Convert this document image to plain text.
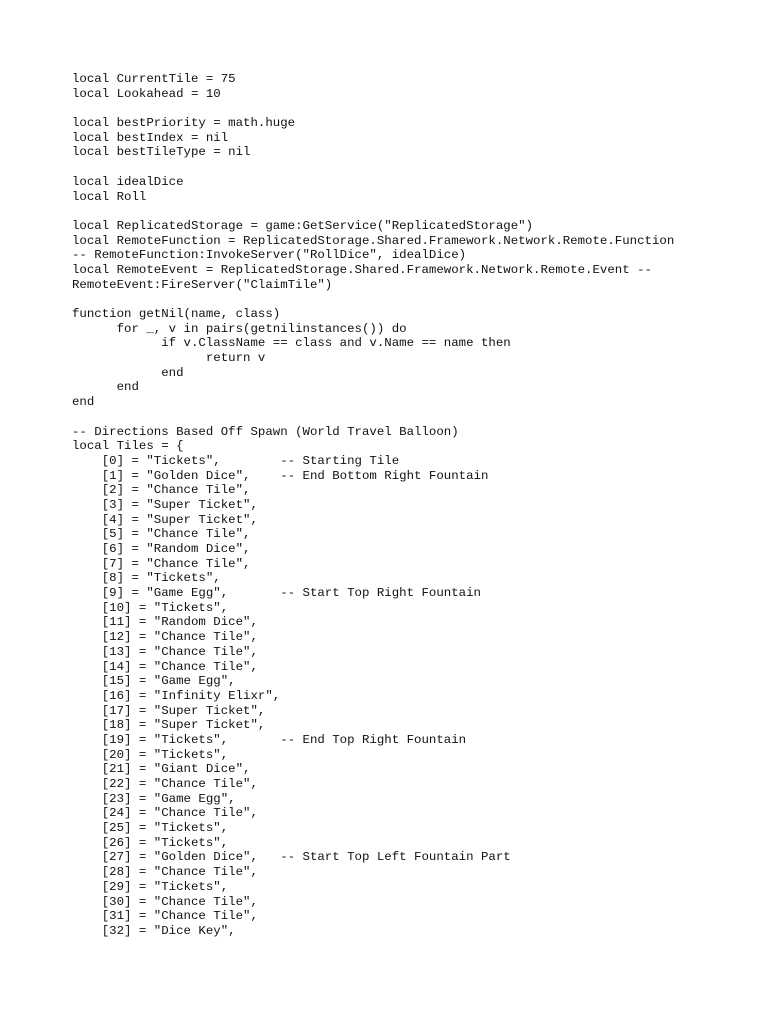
local CurrentTile = 75
local Lookahead = 10
local bestPriority = math.huge
local bestIndex = nil
local bestTileType = nil
local idealDice
local Roll
local ReplicatedStorage = game:GetService("ReplicatedStorage")
local RemoteFunction = ReplicatedStorage.Shared.Framework.Network.Remote.Function
-- RemoteFunction:InvokeServer("RollDice", idealDice)
local RemoteEvent = ReplicatedStorage.Shared.Framework.Network.Remote.Event --
RemoteEvent:FireServer("ClaimTile")
function getNil(name, class)
for _, v in pairs(getnilinstances()) do
if v.ClassName == class and v.Name == name then
return v
end
end
end
-- Directions Based Off Spawn (World Travel Balloon)
local Tiles = {
[0] = "Tickets",        -- Starting Tile
[1] = "Golden Dice",    -- End Bottom Right Fountain
[2] = "Chance Tile",
[3] = "Super Ticket",
[4] = "Super Ticket",
[5] = "Chance Tile",
[6] = "Random Dice",
[7] = "Chance Tile",
[8] = "Tickets",
[9] = "Game Egg",       -- Start Top Right Fountain
[10] = "Tickets",
[11] = "Random Dice",
[12] = "Chance Tile",
[13] = "Chance Tile",
[14] = "Chance Tile",
[15] = "Game Egg",
[16] = "Infinity Elixr",
[17] = "Super Ticket",
[18] = "Super Ticket",
[19] = "Tickets",       -- End Top Right Fountain
[20] = "Tickets",
[21] = "Giant Dice",
[22] = "Chance Tile",
[23] = "Game Egg",
[24] = "Chance Tile",
[25] = "Tickets",
[26] = "Tickets",
[27] = "Golden Dice",   -- Start Top Left Fountain Part
[28] = "Chance Tile",
[29] = "Tickets",
[30] = "Chance Tile",
[31] = "Chance Tile",
[32] = "Dice Key",
